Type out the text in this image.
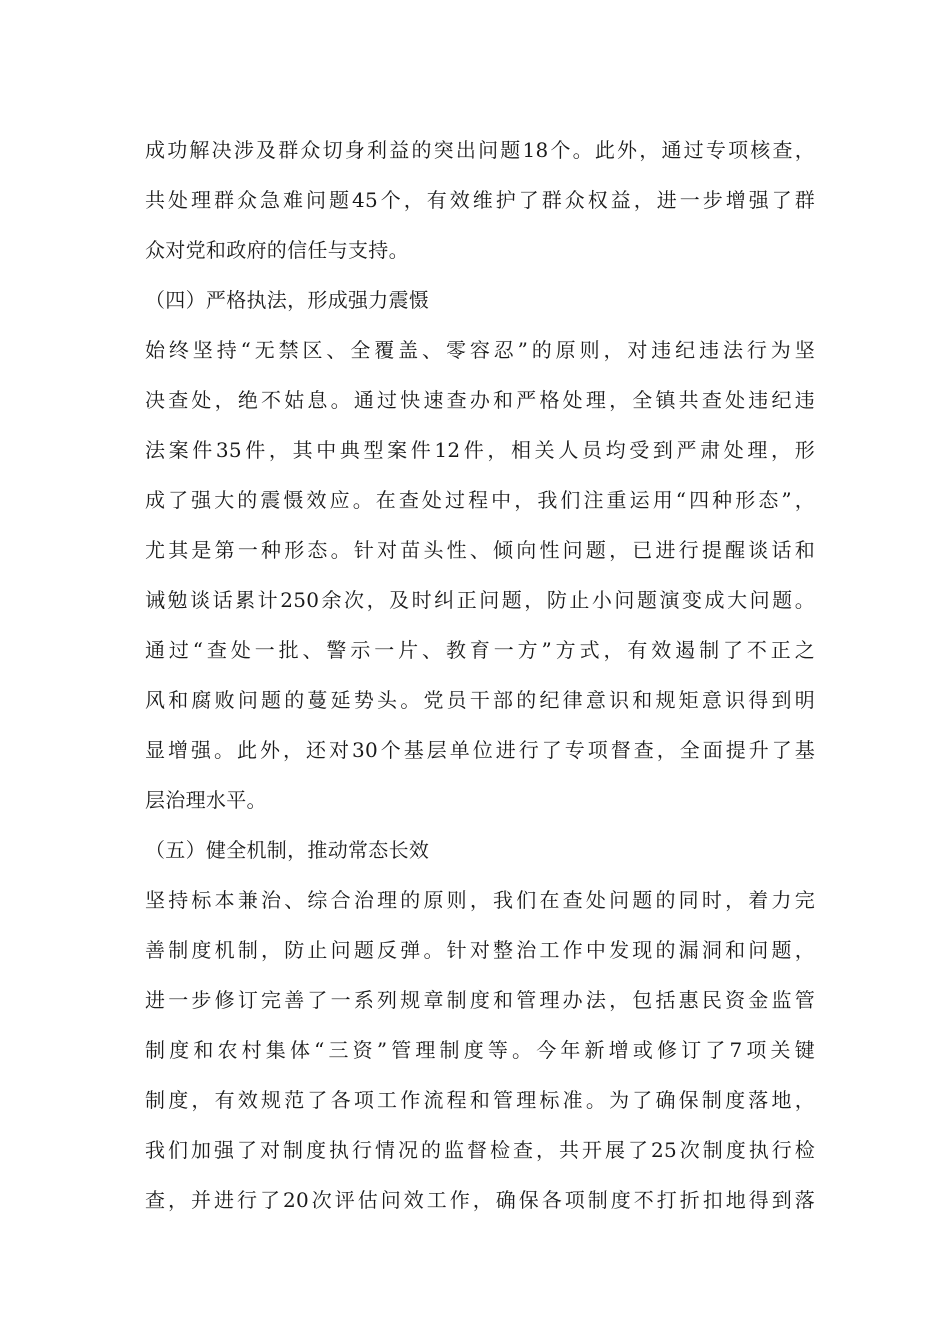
成功解决涉及群众切身利益的突出问题18个。此外，通过专项核查，

共处理群众急难问题45个，有效维护了群众权益，进一步增强了群

众对党和政府的信任与支持。

（四）严格执法，形成强力震慑

始终坚持“无禁区、全覆盖、零容忍”的原则，对违纪违法行为坚

决查处，绝不姑息。通过快速查办和严格处理，全镇共查处违纪违

法案件35件，其中典型案件12件，相关人员均受到严肃处理，形

成了强大的震慑效应。在查处过程中，我们注重运用“四种形态”，

尤其是第一种形态。针对苗头性、倾向性问题，已进行提醒谈话和

诫勉谈话累计250余次，及时纠正问题，防止小问题演变成大问题。

通过“查处一批、警示一片、教育一方”方式，有效遏制了不正之

风和腐败问题的蔓延势头。党员干部的纪律意识和规矩意识得到明

显增强。此外，还对30个基层单位进行了专项督查，全面提升了基

层治理水平。

（五）健全机制，推动常态长效

坚持标本兼治、综合治理的原则，我们在查处问题的同时，着力完

善制度机制，防止问题反弹。针对整治工作中发现的漏洞和问题，

进一步修订完善了一系列规章制度和管理办法，包括惠民资金监管

制度和农村集体“三资”管理制度等。今年新增或修订了7项关键

制度，有效规范了各项工作流程和管理标准。为了确保制度落地，

我们加强了对制度执行情况的监督检查，共开展了25次制度执行检

查，并进行了20次评估问效工作，确保各项制度不打折扣地得到落
